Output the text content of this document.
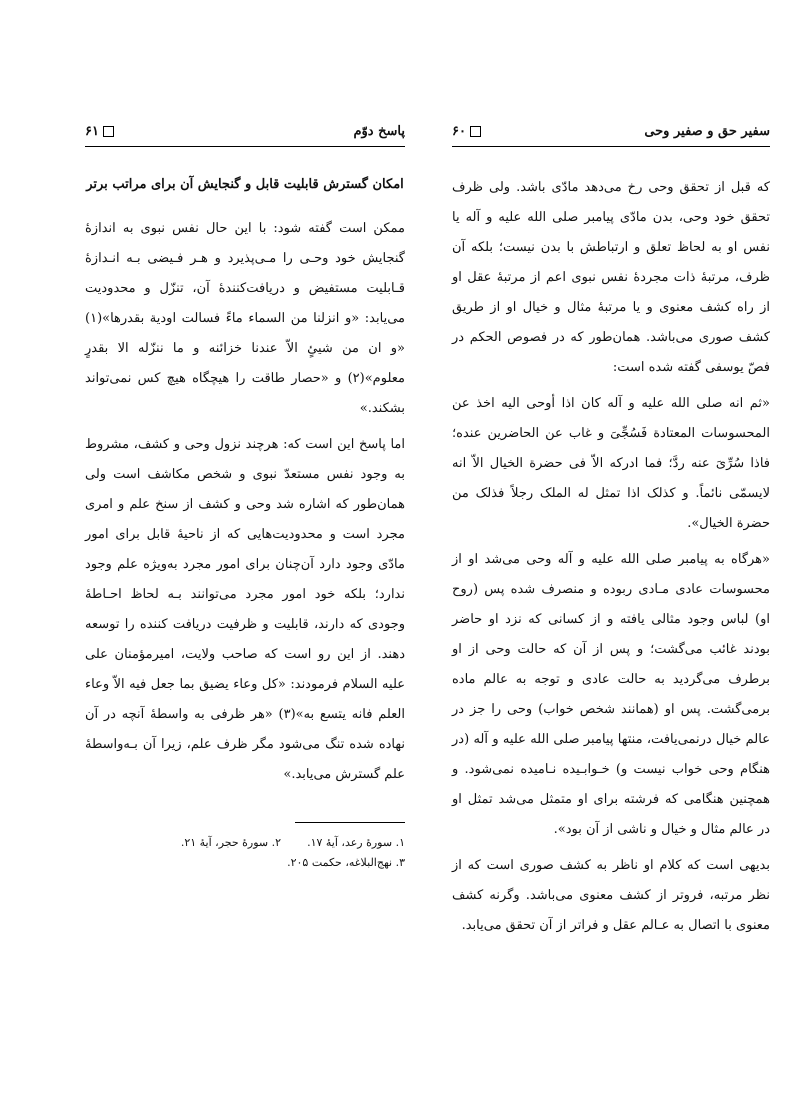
پاسخ دوّم
۶۱
امکان گسترش قابلیت قابل و گنجایش آن برای مراتب برتر

ممکن است گفته شود: با این حال نفس نبوی به اندازهٔ گنجایش خود وحـی را مـی‌پذیرد و هـر فـیضی بـه انـدازهٔ قـابلیت مستفیض و دریافت‌کنندهٔ آن، تنزّل و محدودیت می‌یابد: «و انزلنا من السماء ماءً فسالت اودیة بقدرها»(۱) «و ان من شیئٍ الاّ عندنا خزائنه و ما ننزّله الا بقدرٍ معلوم»(۲) و «حصار طاقت را هیچگاه هیچ کس نمی‌تواند بشکند.»

اما پاسخ این است که: هرچند نزول وحی و کشف، مشروط به وجود نفس مستعدّ نبوی و شخص مکاشف است ولی همان‌طور که اشاره شد وحی و کشف از سنخ علم و امری مجرد است و محدودیت‌هایی که از ناحیهٔ قابل برای امور مادّی وجود دارد آن‌چنان برای امور مجرد به‌ویژه علم وجود ندارد؛ بلکه خود امور مجرد می‌توانند بـه لحاظ احـاطهٔ وجودی که دارند، قابلیت و ظرفیت دریافت کننده را توسعه دهند. از این رو است که صاحب ولایت، امیرمؤمنان علی علیه السلام فرمودند: «کل وعاء یضیق بما جعل فیه الاّ وعاء العلم فانه یتسع به»(۳) «هر ظرفی به واسطهٔ آنچه در آن نهاده شده تنگ می‌شود مگر ظرف علم، زیرا آن بـه‌واسطهٔ علم گسترش می‌یابد.»

۱. سورهٔ رعد، آیهٔ ۱۷.
۲. سورهٔ حجر، آیهٔ ۲۱.
۳. نهج‌البلاغه، حکمت ۲۰۵.
سفیر حق و صفیر وحی
۶۰

که قبل از تحقق وحی رخ می‌دهد مادّی باشد. ولی ظرف تحقق خود وحی، بدن مادّی پیامبر صلی الله علیه و آله یا نفس او به لحاظ تعلق و ارتباطش با بدن نیست؛ بلکه آن ظرف، مرتبهٔ ذات مجردهٔ نفس نبوی اعم از مرتبهٔ عقل او از راه کشف معنوی و یا مرتبهٔ مثال و خیال او از طریق کشف صوری می‌باشد. همان‌طور که در فصوص الحکم در فصّ یوسفی گفته شده است:

«ثم انه صلی الله علیه و آله کان اذا أوحی الیه اخذ عن المحسوسات المعتادة فَسُجِّیَ و غاب عن الحاضرین عنده؛ فاذا سُرِّیَ عنه ردَّ؛ فما ادرکه الاّ فی حضرة الخیال الاّ انه لایسمّی نائماً. و کذلک اذا تمثل له الملک رجلاً فذلک من حضرة الخیال».

«هرگاه به پیامبر صلی الله علیه و آله وحی می‌شد او از محسوسات عادی مـادی ربوده و منصرف شده پس (روح او) لباس وجود مثالی یافته و از کسانی که نزد او حاضر بودند غائب می‌گشت؛ و پس از آن که حالت وحی از او برطرف می‌گردید به حالت عادی و توجه به عالم ماده برمی‌گشت. پس او (همانند شخص خواب) وحی را جز در عالم خیال درنمی‌یافت، منتها پیامبر صلی الله علیه و آله (در هنگام وحی خواب نیست و) خـوابـیده نـامیده نمی‌شود. و همچنین هنگامی که فرشته برای او متمثل می‌شد تمثل او در عالم مثال و خیال و ناشی از آن بود».

بدیهی است که کلام او ناظر به کشف صوری است که از نظر مرتبه، فروتر از کشف معنوی می‌باشد. وگرنه کشف معنوی با اتصال به عـالم عقل و فراتر از آن تحقق می‌یابد.
